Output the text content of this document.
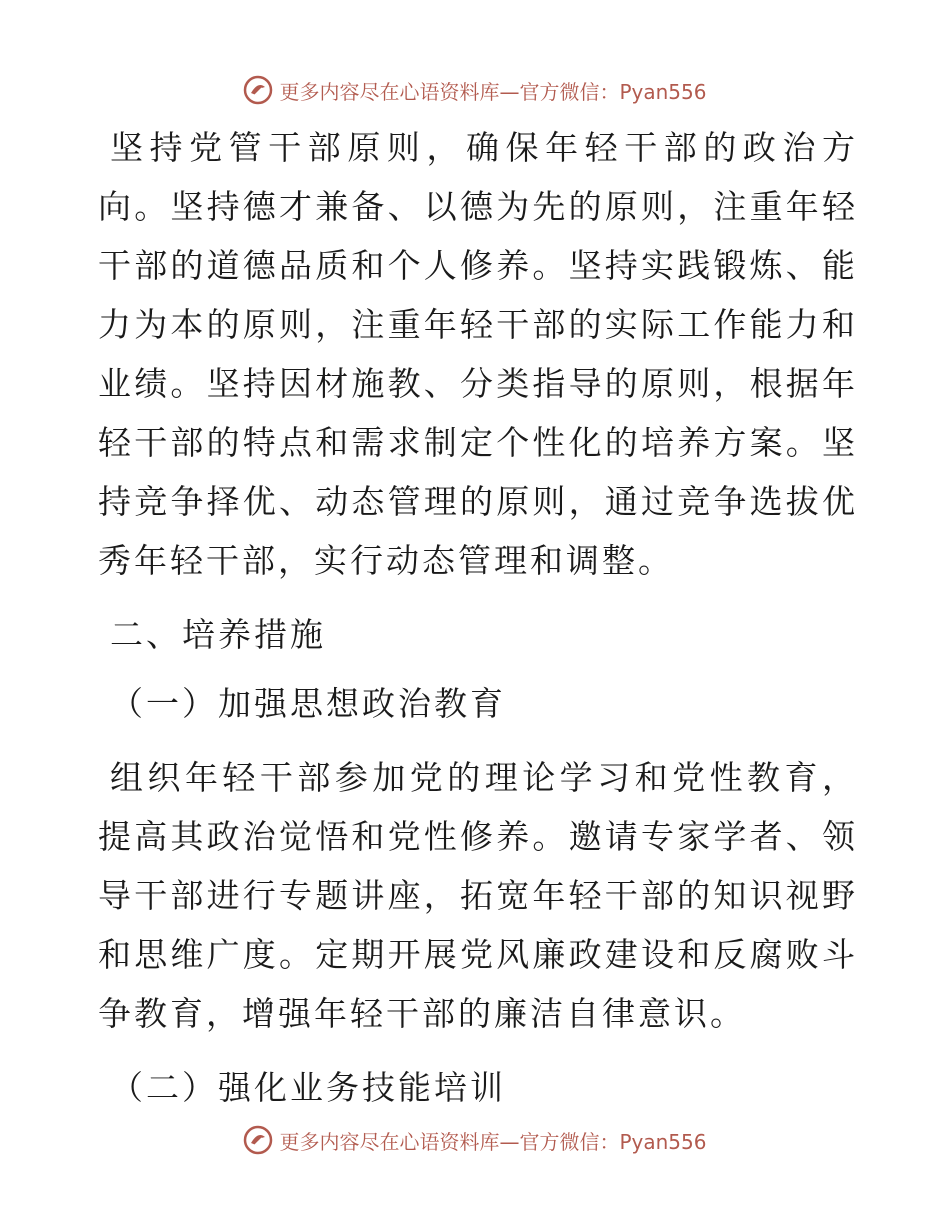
更多内容尽在心语资料库—官方微信：Pyan556

坚持党管干部原则，确保年轻干部的政治方向。坚持德才兼备、以德为先的原则，注重年轻干部的道德品质和个人修养。坚持实践锻炼、能力为本的原则，注重年轻干部的实际工作能力和业绩。坚持因材施教、分类指导的原则，根据年轻干部的特点和需求制定个性化的培养方案。坚持竞争择优、动态管理的原则，通过竞争选拔优秀年轻干部，实行动态管理和调整。

二、培养措施

（一）加强思想政治教育

组织年轻干部参加党的理论学习和党性教育，提高其政治觉悟和党性修养。邀请专家学者、领导干部进行专题讲座，拓宽年轻干部的知识视野和思维广度。定期开展党风廉政建设和反腐败斗争教育，增强年轻干部的廉洁自律意识。

（二）强化业务技能培训

更多内容尽在心语资料库—官方微信：Pyan556
